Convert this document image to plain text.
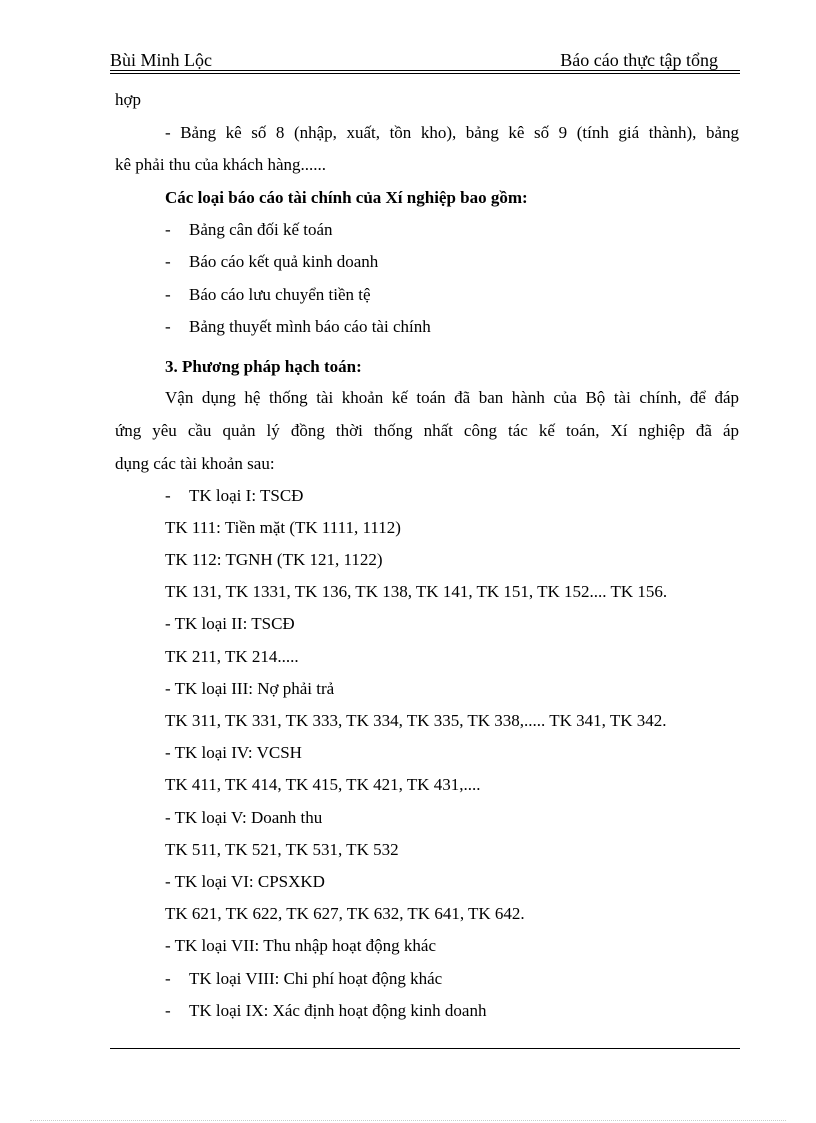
Bùi Minh Lộc	Báo cáo thực tập tổng
hợp
- Bảng kê số 8 (nhập, xuất, tồn kho), bảng kê số 9 (tính giá thành), bảng
kê phải thu của khách hàng......
Các loại báo cáo tài chính của Xí nghiệp bao gồm:
- Bảng cân đối kế toán
- Báo cáo kết quả kinh doanh
- Báo cáo lưu chuyển tiền tệ
- Bảng thuyết mình báo cáo tài chính
3. Phương pháp hạch toán:
Vận dụng hệ thống tài khoản kế toán đã ban hành của Bộ tài chính, để đáp
ứng yêu cầu quản lý đồng thời thống nhất công tác kế toán, Xí nghiệp đã áp
dụng các tài khoản sau:
- TK loại I: TSCĐ
TK 111: Tiền mặt (TK 1111, 1112)
TK 112: TGNH (TK 121, 1122)
TK 131, TK 1331, TK 136, TK 138, TK 141, TK 151, TK 152.... TK 156.
- TK loại II: TSCĐ
TK 211, TK 214.....
- TK loại III: Nợ phải trả
TK 311, TK 331, TK 333, TK 334, TK 335, TK 338,..... TK 341, TK 342.
- TK loại IV: VCSH
TK 411, TK 414, TK 415, TK 421, TK 431,....
- TK loại V: Doanh thu
TK 511, TK 521, TK 531, TK 532
- TK loại VI: CPSXKD
TK 621, TK 622, TK 627, TK 632, TK 641, TK 642.
- TK loại VII: Thu nhập hoạt động khác
- TK loại VIII: Chi phí hoạt động khác
- TK loại IX: Xác định hoạt động kinh doanh
